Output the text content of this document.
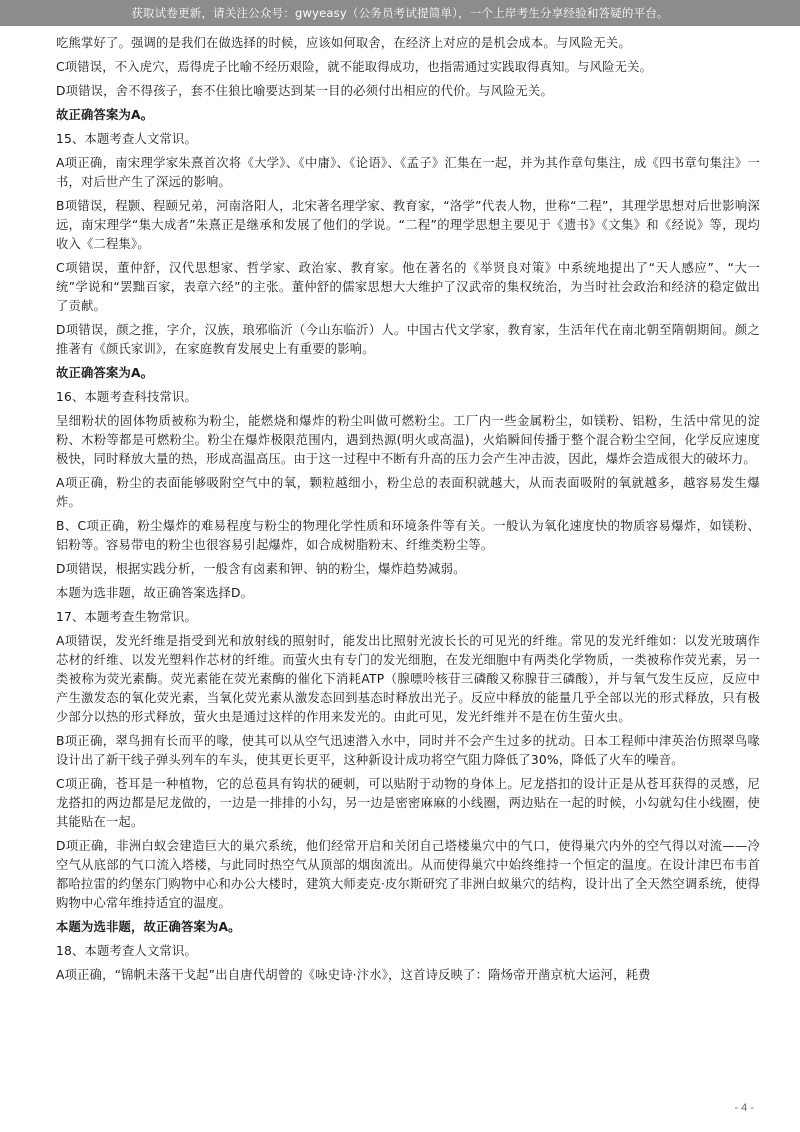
获取试卷更新，请关注公众号：gwyeasy（公务员考试提简单），一个上岸考生分享经验和答疑的平台。

吃熊掌好了。强调的是我们在做选择的时候，应该如何取舍，在经济上对应的是机会成本。与风险无关。

C项错误，不入虎穴，焉得虎子比喻不经历艰险，就不能取得成功，也指需通过实践取得真知。与风险无关。

D项错误，舍不得孩子，套不住狼比喻要达到某一目的必须付出相应的代价。与风险无关。

故正确答案为A。

15、本题考查人文常识。

A项正确，南宋理学家朱熹首次将《大学》、《中庸》、《论语》、《孟子》汇集在一起，并为其作章句集注，成《四书章句集注》一书，对后世产生了深远的影响。

B项错误，程颢、程颐兄弟，河南洛阳人，北宋著名理学家、教育家，“洛学”代表人物，世称“二程”，其理学思想对后世影响深远，南宋理学“集大成者”朱熹正是继承和发展了他们的学说。“二程”的理学思想主要见于《遗书》《文集》和《经说》等，现均收入《二程集》。

C项错误，董仲舒，汉代思想家、哲学家、政治家、教育家。他在著名的《举贤良对策》中系统地提出了“天人感应”、“大一统”学说和“罢黜百家，表章六经”的主张。董仲舒的儒家思想大大维护了汉武帝的集权统治，为当时社会政治和经济的稳定做出了贡献。

D项错误，颜之推，字介，汉族，琅邪临沂（今山东临沂）人。中国古代文学家，教育家，生活年代在南北朝至隋朝期间。颜之推著有《颜氏家训》，在家庭教育发展史上有重要的影响。

故正确答案为A。

16、本题考查科技常识。

呈细粉状的固体物质被称为粉尘，能燃烧和爆炸的粉尘叫做可燃粉尘。工厂内一些金属粉尘，如镁粉、铝粉，生活中常见的淀粉、木粉等都是可燃粉尘。粉尘在爆炸极限范围内，遇到热源(明火或高温)，火焰瞬间传播于整个混合粉尘空间，化学反应速度极快，同时释放大量的热，形成高温高压。由于这一过程中不断有升高的压力会产生冲击波，因此，爆炸会造成很大的破坏力。

A项正确，粉尘的表面能够吸附空气中的氧，颗粒越细小，粉尘总的表面积就越大，从而表面吸附的氧就越多，越容易发生爆炸。

B、C项正确，粉尘爆炸的难易程度与粉尘的物理化学性质和环境条件等有关。一般认为氧化速度快的物质容易爆炸，如镁粉、铝粉等。容易带电的粉尘也很容易引起爆炸，如合成树脂粉末、纤维类粉尘等。

D项错误，根据实践分析，一般含有卤素和钾、钠的粉尘，爆炸趋势减弱。

本题为选非题，故正确答案选择D。

17、本题考查生物常识。

A项错误，发光纤维是指受到光和放射线的照射时，能发出比照射光波长长的可见光的纤维。常见的发光纤维如：以发光玻璃作芯材的纤维、以发光塑料作芯材的纤维。而萤火虫有专门的发光细胞，在发光细胞中有两类化学物质，一类被称作荧光素，另一类被称为荧光素酶。荧光素能在荧光素酶的催化下消耗ATP（腺嘌呤核苷三磷酸又称腺苷三磷酸），并与氧气发生反应，反应中产生激发态的氧化荧光素，当氧化荧光素从激发态回到基态时释放出光子。反应中释放的能量几乎全部以光的形式释放，只有极少部分以热的形式释放，萤火虫是通过这样的作用来发光的。由此可见，发光纤维并不是在仿生萤火虫。

B项正确，翠鸟拥有长而平的喙，使其可以从空气迅速潜入水中，同时并不会产生过多的扰动。日本工程师中津英治仿照翠鸟喙设计出了新干线子弹头列车的车头，使其更长更平，这种新设计成功将空气阻力降低了30%，降低了火车的噪音。

C项正确，苍耳是一种植物，它的总苞具有钩状的硬刺，可以贴附于动物的身体上。尼龙搭扣的设计正是从苍耳获得的灵感，尼龙搭扣的两边都是尼龙做的，一边是一排排的小勾，另一边是密密麻麻的小线圈，两边贴在一起的时候，小勾就勾住小线圈，使其能贴在一起。

D项正确，非洲白蚁会建造巨大的巢穴系统，他们经常开启和关闭自己塔楼巢穴中的气口，使得巢穴内外的空气得以对流——冷空气从底部的气口流入塔楼，与此同时热空气从顶部的烟囱流出。从而使得巢穴中始终维持一个恒定的温度。在设计津巴布韦首都哈拉雷的约堡东门购物中心和办公大楼时，建筑大师麦克·皮尔斯研究了非洲白蚁巢穴的结构，设计出了全天然空调系统，使得购物中心常年维持适宜的温度。

本题为选非题，故正确答案为A。

18、本题考查人文常识。

A项正确，“锦帆未落干戈起”出自唐代胡曾的《咏史诗·汴水》，这首诗反映了：隋炀帝开凿京杭大运河，耗费

- 4 -
